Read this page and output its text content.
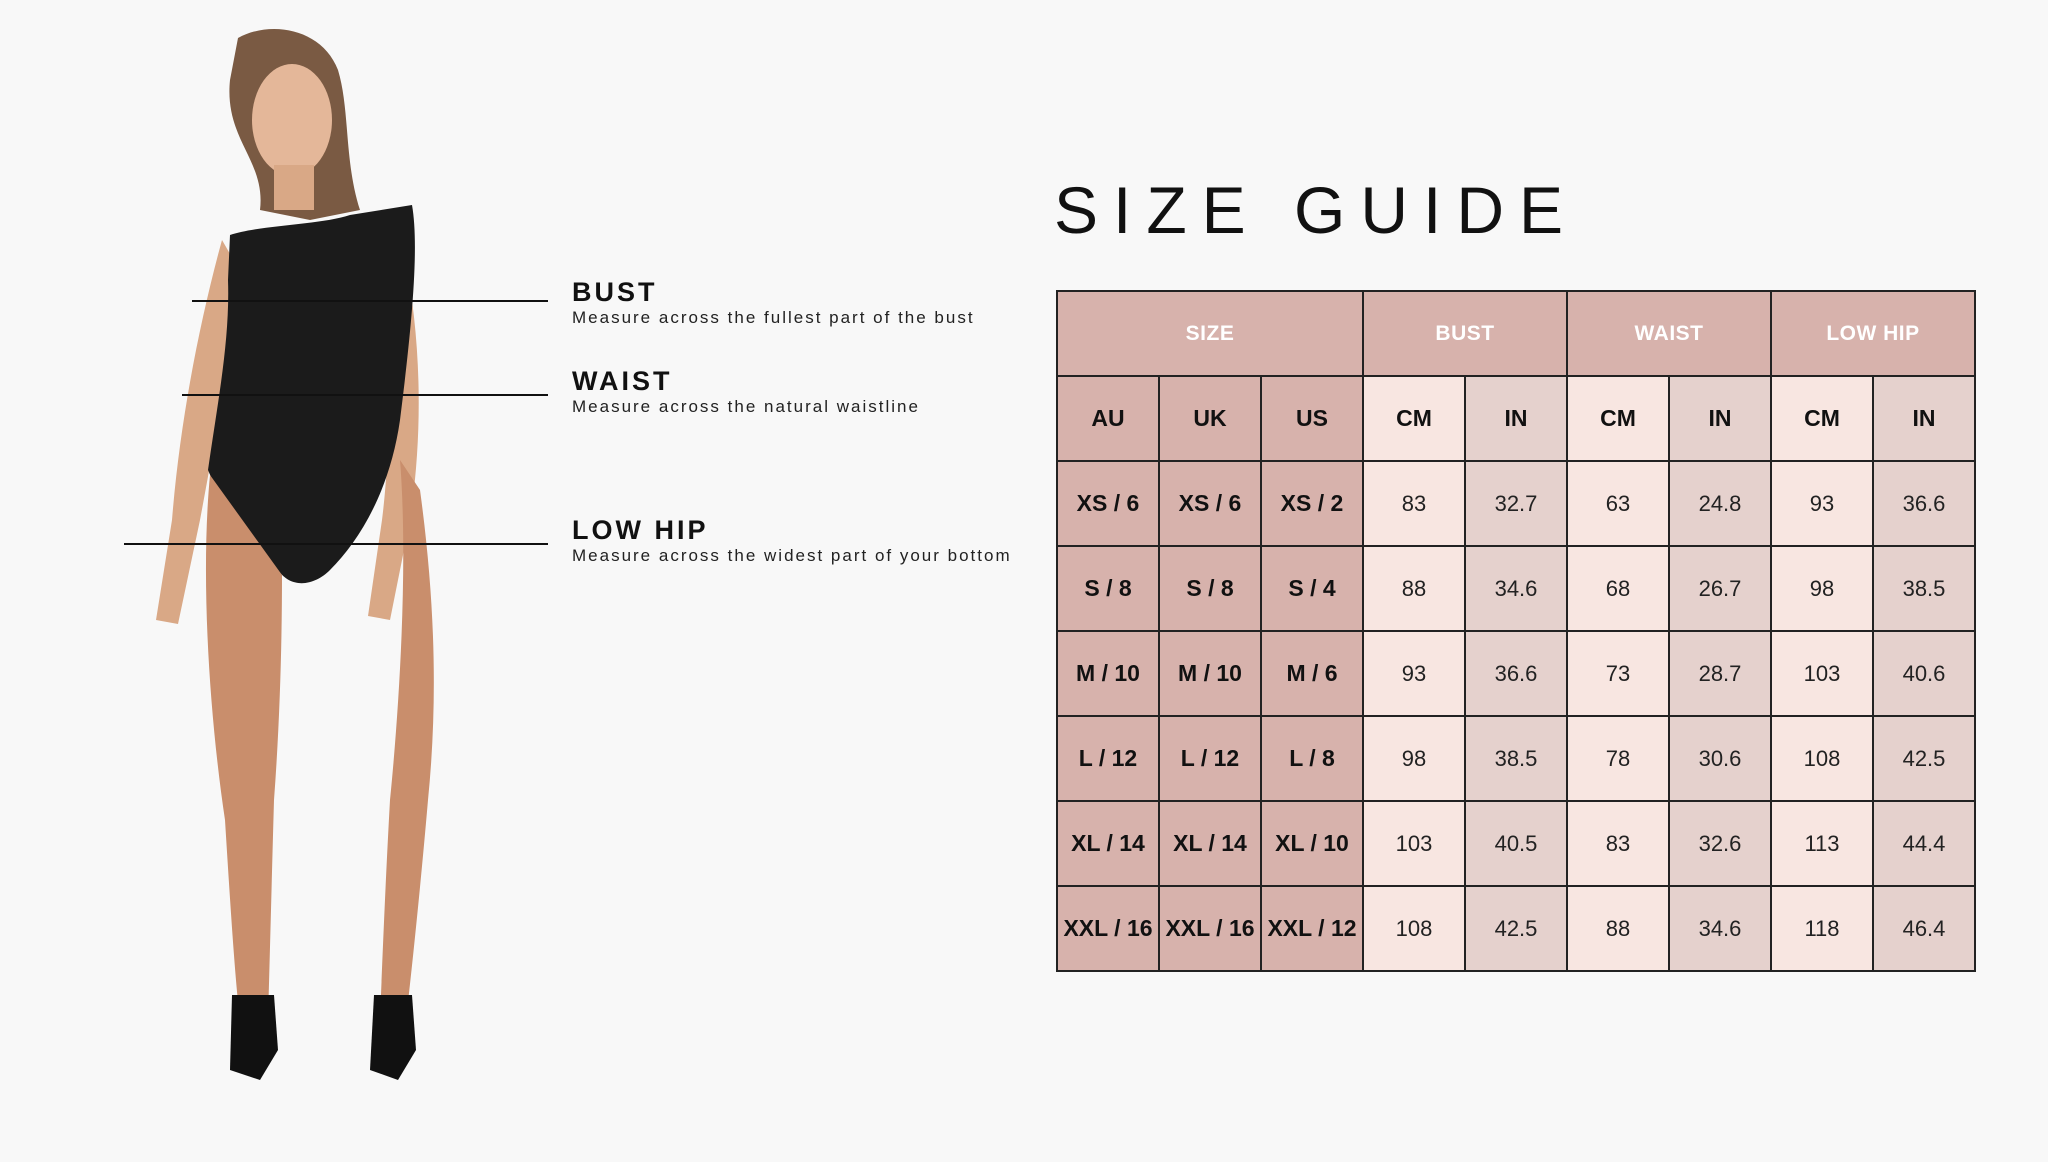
BUST
Measure across the fullest part of the bust
WAIST
Measure across the natural waistline
LOW HIP
Measure across the widest part of your bottom
SIZE GUIDE
SIZE			BUST		WAIST		LOW HIP	
AU	UK	US	CM	IN	CM	IN	CM	IN
XS / 6	XS / 6	XS / 2	83	32.7	63	24.8	93	36.6
S / 8	S / 8	S / 4	88	34.6	68	26.7	98	38.5
M / 10	M / 10	M / 6	93	36.6	73	28.7	103	40.6
L / 12	L / 12	L / 8	98	38.5	78	30.6	108	42.5
XL / 14	XL / 14	XL / 10	103	40.5	83	32.6	113	44.4
XXL / 16	XXL / 16	XXL / 12	108	42.5	88	34.6	118	46.4
